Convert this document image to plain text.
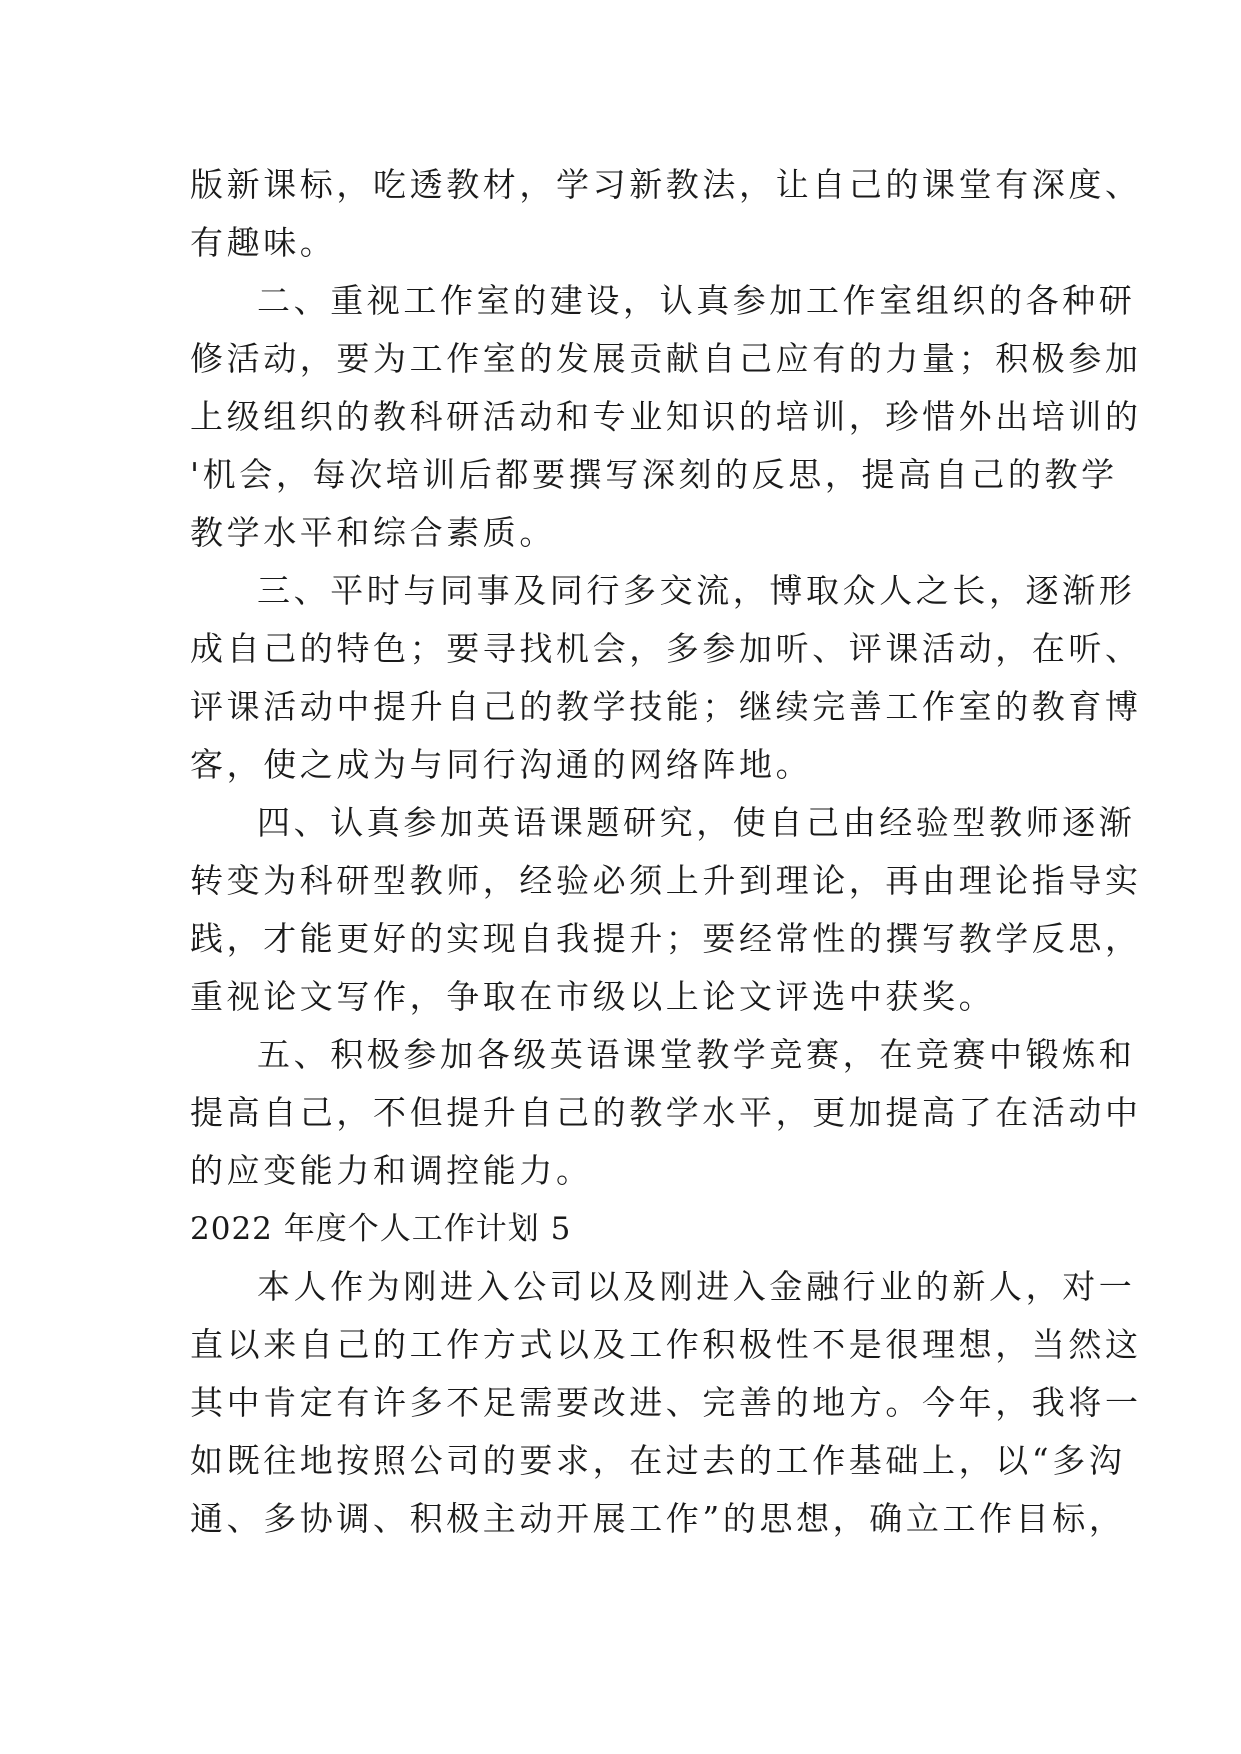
版新课标，吃透教材，学习新教法，让自己的课堂有深度、
有趣味。
二、重视工作室的建设，认真参加工作室组织的各种研
修活动，要为工作室的发展贡献自己应有的力量；积极参加
上级组织的教科研活动和专业知识的培训，珍惜外出培训的
'机会，每次培训后都要撰写深刻的反思，提高自己的教学
教学水平和综合素质。
三、平时与同事及同行多交流，博取众人之长，逐渐形
成自己的特色；要寻找机会，多参加听、评课活动，在听、
评课活动中提升自己的教学技能；继续完善工作室的教育博
客，使之成为与同行沟通的网络阵地。
四、认真参加英语课题研究，使自己由经验型教师逐渐
转变为科研型教师，经验必须上升到理论，再由理论指导实
践，才能更好的实现自我提升；要经常性的撰写教学反思，
重视论文写作，争取在市级以上论文评选中获奖。
五、积极参加各级英语课堂教学竞赛，在竞赛中锻炼和
提高自己，不但提升自己的教学水平，更加提高了在活动中
的应变能力和调控能力。
2022 年度个人工作计划 5
本人作为刚进入公司以及刚进入金融行业的新人，对一
直以来自己的工作方式以及工作积极性不是很理想，当然这
其中肯定有许多不足需要改进、完善的地方。今年，我将一
如既往地按照公司的要求，在过去的工作基础上，以“多沟
通、多协调、积极主动开展工作”的思想，确立工作目标，
